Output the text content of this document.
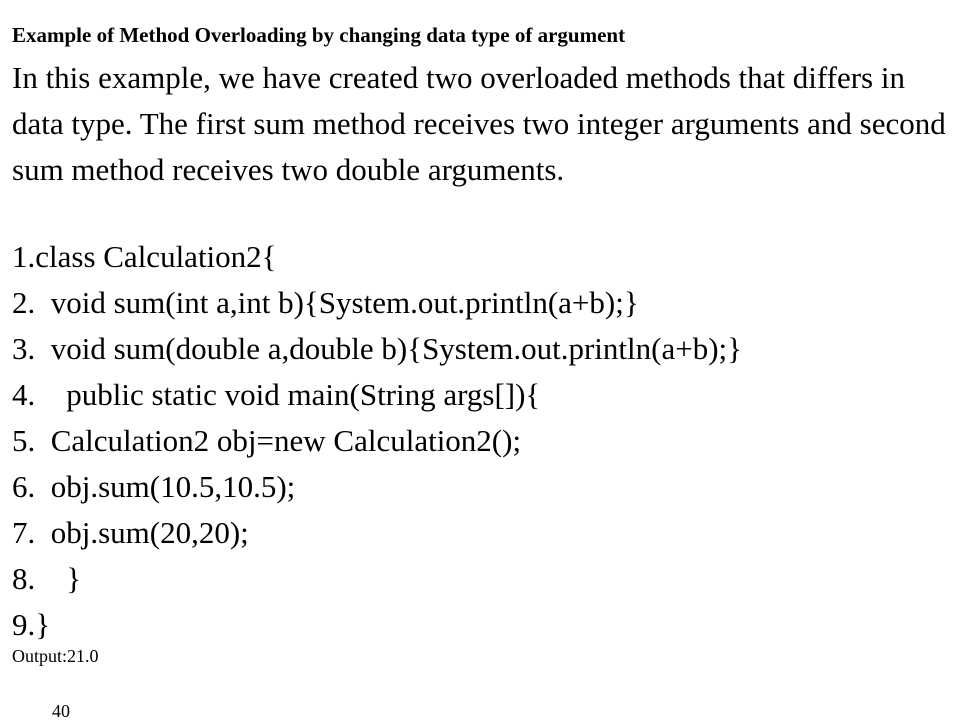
Example of Method Overloading by changing data type of argument

In this example, we have created two overloaded methods that differs in data type. The first sum method receives two integer arguments and second sum method receives two double arguments.

1.class Calculation2{
2.  void sum(int a,int b){System.out.println(a+b);}
3.  void sum(double a,double b){System.out.println(a+b);}
4.    public static void main(String args[]){
5.  Calculation2 obj=new Calculation2();
6.  obj.sum(10.5,10.5);
7.  obj.sum(20,20);
8.    }
9.}
Output:21.0
40
